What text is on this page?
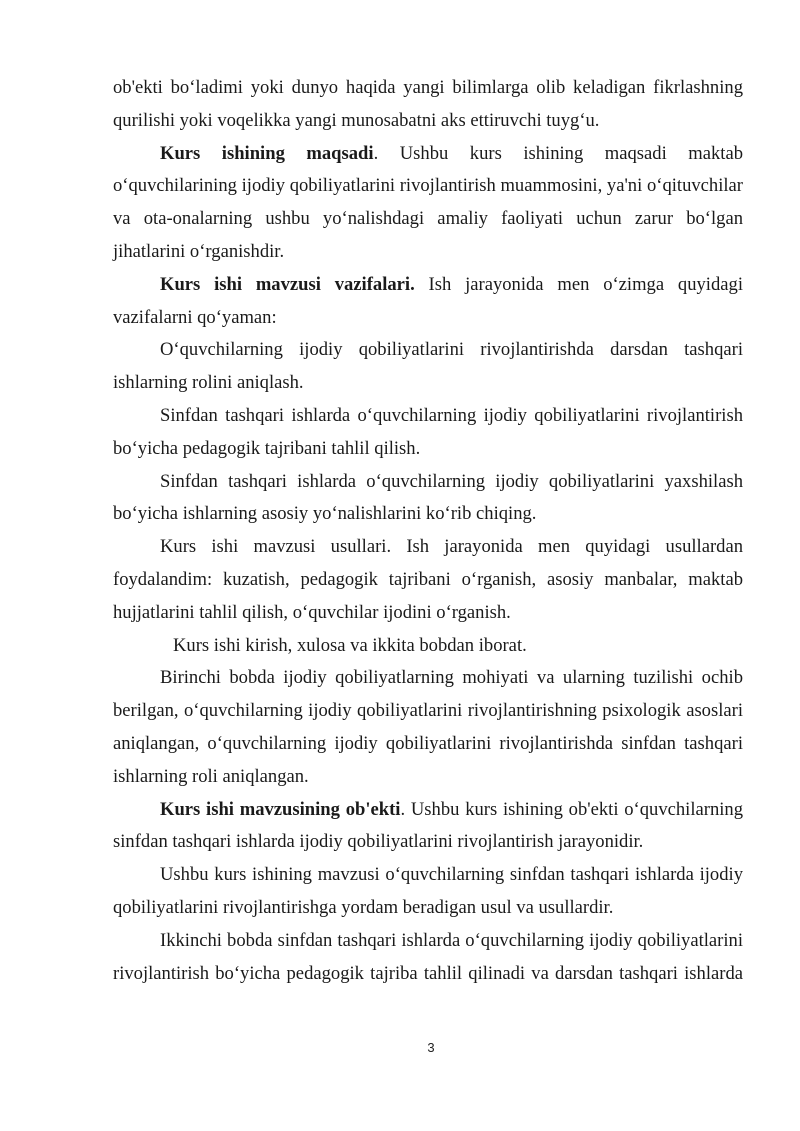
ob'ekti bo‘ladimi yoki dunyo haqida yangi bilimlarga olib keladigan fikrlashning qurilishi yoki voqelikka yangi munosabatni aks ettiruvchi tuyg‘u.

Kurs ishining maqsadi. Ushbu kurs ishining maqsadi maktab o‘quvchilarining ijodiy qobiliyatlarini rivojlantirish muammosini, ya'ni o‘qituvchilar va ota-onalarning ushbu yo‘nalishdagi amaliy faoliyati uchun zarur bo‘lgan jihatlarini o‘rganishdir.

Kurs ishi mavzusi vazifalari. Ish jarayonida men o‘zimga quyidagi vazifalarni qo‘yaman:

O‘quvchilarning ijodiy qobiliyatlarini rivojlantirishda darsdan tashqari ishlarning rolini aniqlash.

Sinfdan tashqari ishlarda o‘quvchilarning ijodiy qobiliyatlarini rivojlantirish bo‘yicha pedagogik tajribani tahlil qilish.

Sinfdan tashqari ishlarda o‘quvchilarning ijodiy qobiliyatlarini yaxshilash bo‘yicha ishlarning asosiy yo‘nalishlarini ko‘rib chiqing.

Kurs ishi mavzusi usullari. Ish jarayonida men quyidagi usullardan foydalandim: kuzatish, pedagogik tajribani o‘rganish, asosiy manbalar, maktab hujjatlarini tahlil qilish, o‘quvchilar ijodini o‘rganish.

Kurs ishi kirish, xulosa va ikkita bobdan iborat.

Birinchi bobda ijodiy qobiliyatlarning mohiyati va ularning tuzilishi ochib berilgan, o‘quvchilarning ijodiy qobiliyatlarini rivojlantirishning psixologik asoslari aniqlangan, o‘quvchilarning ijodiy qobiliyatlarini rivojlantirishda sinfdan tashqari ishlarning roli aniqlangan.

Kurs ishi mavzusining ob'ekti. Ushbu kurs ishining ob'ekti o‘quvchilarning sinfdan tashqari ishlarda ijodiy qobiliyatlarini rivojlantirish jarayonidir.

Ushbu kurs ishining mavzusi o‘quvchilarning sinfdan tashqari ishlarda ijodiy qobiliyatlarini rivojlantirishga yordam beradigan usul va usullardir.

Ikkinchi bobda sinfdan tashqari ishlarda o‘quvchilarning ijodiy qobiliyatlarini rivojlantirish bo‘yicha pedagogik tajriba tahlil qilinadi va darsdan tashqari ishlarda

3
